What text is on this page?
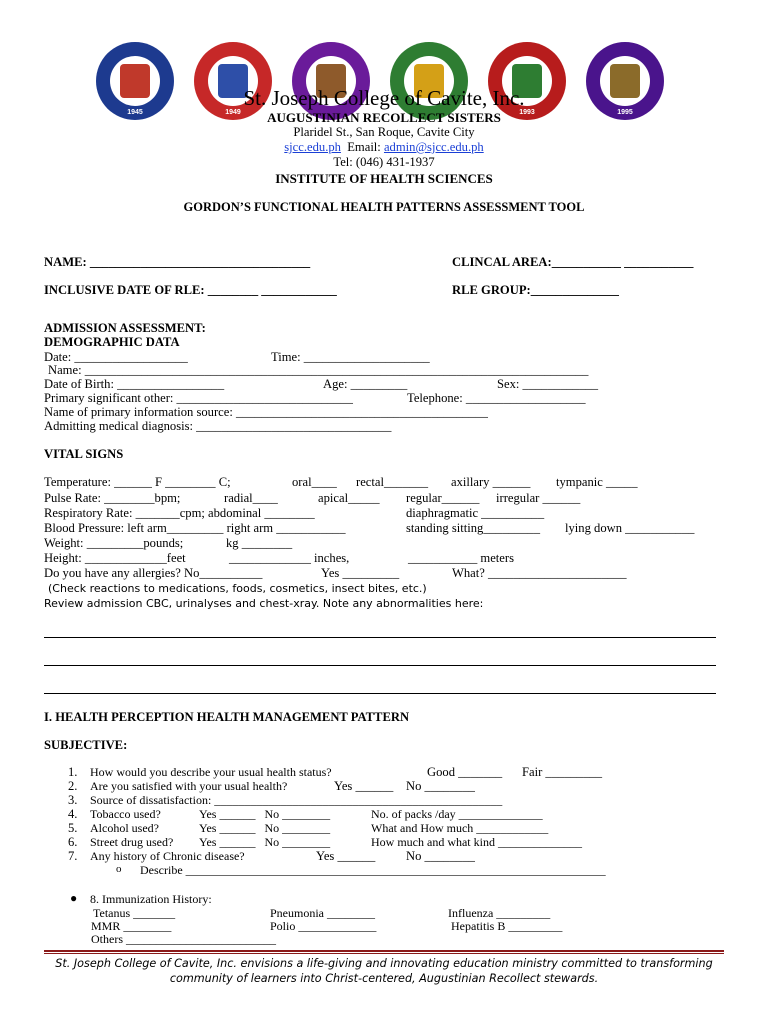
1945	1949	1993	1995
St. Joseph College of Cavite, Inc.
AUGUSTINIAN RECOLLECT SISTERS
Plaridel St., San Roque, Cavite City
sjcc.edu.ph Email: admin@sjcc.edu.ph
Tel: (046) 431-1937
INSTITUTE OF HEALTH SCIENCES
GORDON’S FUNCTIONAL HEALTH PATTERNS ASSESSMENT TOOL
NAME: ___________________________________	CLINCAL AREA:___________ ___________
INCLUSIVE DATE OF RLE: ________ ____________	RLE GROUP:______________
ADMISSION ASSESSMENT:
DEMOGRAPHIC DATA
Date: __________________	Time: ____________________
Name: ________________________________________________________________________________
Date of Birth: _________________	Age: _________	Sex: ____________
Primary significant other: ____________________________	Telephone: ___________________
Name of primary information source: ________________________________________
Admitting medical diagnosis: _______________________________
VITAL SIGNS
Temperature: ______ F ________ C;	oral____ rectal_______ axillary ______ tympanic _____
Pulse Rate: ________bpm;	radial____	apical_____ regular______ irregular ______
Respiratory Rate: _______cpm; abdominal ________	diaphragmatic __________
Blood Pressure: left arm_________ right arm ___________	standing sitting_________ lying down ___________
Weight: _________pounds;	kg ________
Height: _____________feet	_____________ inches,	___________ meters
Do you have any allergies? No__________	Yes _________	What? ______________________
(Check reactions to medications, foods, cosmetics, insect bites, etc.)
Review admission CBC, urinalyses and chest-xray. Note any abnormalities here:
I. HEALTH PERCEPTION HEALTH MANAGEMENT PATTERN
SUBJECTIVE:
1. How would you describe your usual health status?	Good _______ Fair _________
2. Are you satisfied with your usual health?	Yes ______ No ________
3. Source of dissatisfaction: ________________________________________________
4. Tobacco used?	Yes ______   No ________	No. of packs /day ______________
5. Alcohol used?	Yes ______   No ________	What and How much ____________
6. Street drug used? Yes ______   No ________	How much and what kind ______________
7. Any history of Chronic disease?	Yes ______ No ________
o Describe ______________________________________________________________________
● 8. Immunization History:
Tetanus _______	Pneumonia ________	Influenza _________
MMR ________	Polio _____________	Hepatitis B _________
Others _________________________
St. Joseph College of Cavite, Inc. envisions a life-giving and innovating education ministry committed to transforming
community of learners into Christ-centered, Augustinian Recollect stewards.
